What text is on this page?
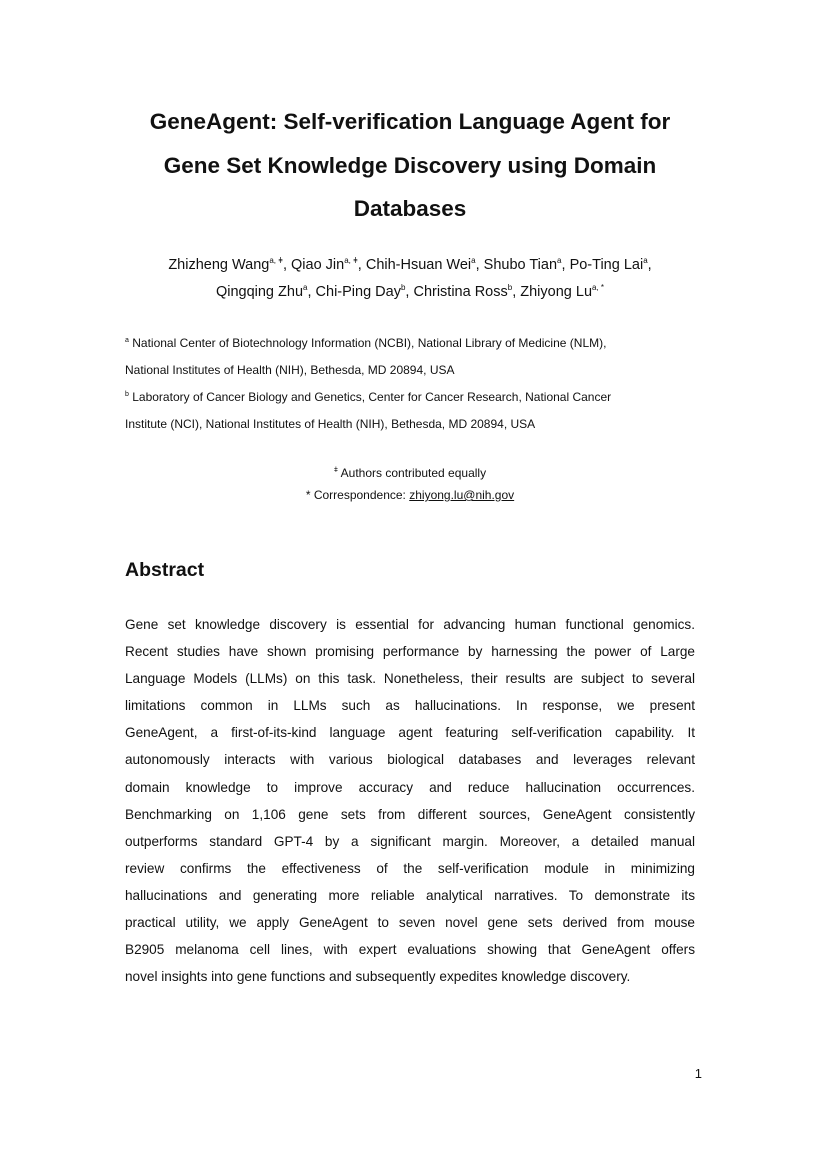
GeneAgent: Self-verification Language Agent for
Gene Set Knowledge Discovery using Domain
Databases
Zhizheng Wang$^{a, ǂ}$, Qiao Jin$^{a, ǂ}$, Chih-Hsuan Wei$^a$, Shubo Tian$^a$, Po-Ting Lai$^a$,
Qingqing Zhu$^a$, Chi-Ping Day$^b$, Christina Ross$^b$, Zhiyong $Lu^{a, *}$
$^a$ National Center of Biotechnology Information (NCBI), National Library of Medicine (NLM),
National Institutes of Health (NIH), Bethesda, MD 20894, USA
$^b$ Laboratory of Cancer Biology and Genetics, Center for Cancer Research, National Cancer
Institute (NCI), National Institutes of Health (NIH), Bethesda, MD 20894, USA
$^ǂ$ Authors contributed equally
* Correspondence: zhiyong.lu@nih.gov
Abstract
Gene set knowledge discovery is essential for advancing human functional genomics.
Recent studies have shown promising performance by harnessing the power of Large
Language Models (LLMs) on this task. Nonetheless, their results are subject to several
limitations common in LLMs such as hallucinations. In response, we present
GeneAgent, a first-of-its-kind language agent featuring self-verification capability. It
autonomously interacts with various biological databases and leverages relevant
domain knowledge to improve accuracy and reduce hallucination occurrences.
Benchmarking on 1,106 gene sets from different sources, GeneAgent consistently
outperforms standard GPT-4 by a significant margin. Moreover, a detailed manual
review confirms the effectiveness of the self-verification module in minimizing
hallucinations and generating more reliable analytical narratives. To demonstrate its
practical utility, we apply GeneAgent to seven novel gene sets derived from mouse
B2905 melanoma cell lines, with expert evaluations showing that GeneAgent offers
novel insights into gene functions and subsequently expedites knowledge discovery.
1
